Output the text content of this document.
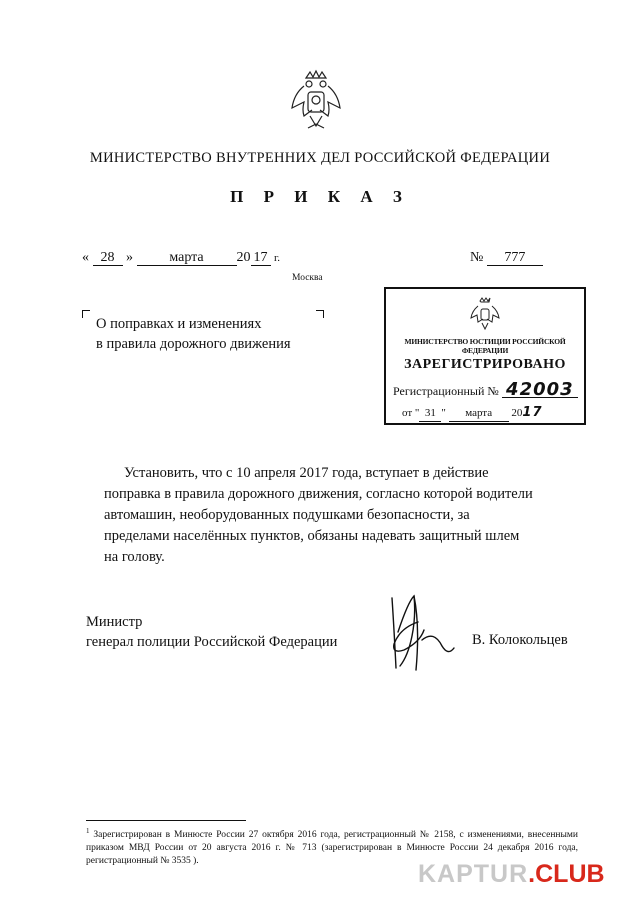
МИНИСТЕРСТВО ВНУТРЕННИХ ДЕЛ РОССИЙСКОЙ ФЕДЕРАЦИИ
П Р И К А З
« 28 »	марта 20 17 г.	№ 777
Москва
О поправках и изменениях
в правила дорожного движения	МИНИСТЕРСТВО ЮСТИЦИИ РОССИЙСКОЙ ФЕДЕРАЦИИ
ЗАРЕГИСТРИРОВАНО
Регистрационный № 42003
от " 31 " марта 2017
Установить, что с 10 апреля 2017 года, вступает в действие поправка в правила дорожного движения, согласно которой водители автомашин, необорудованных подушками безопасности, за пределами населённых пунктов, обязаны надевать защитный шлем на голову.
Министр
генерал полиции Российской Федерации	В. Колокольцев
$^1$ Зарегистрирован в Минюсте России 27 октября 2016 года, регистрационный № 2158, с изменениями, внесенными приказом МВД России от 20 августа 2016 г. № 713 (зарегистрирован в Минюсте России 24 декабря 2016 года, регистрационный № 3535 ).	KAPTUR.CLUB
